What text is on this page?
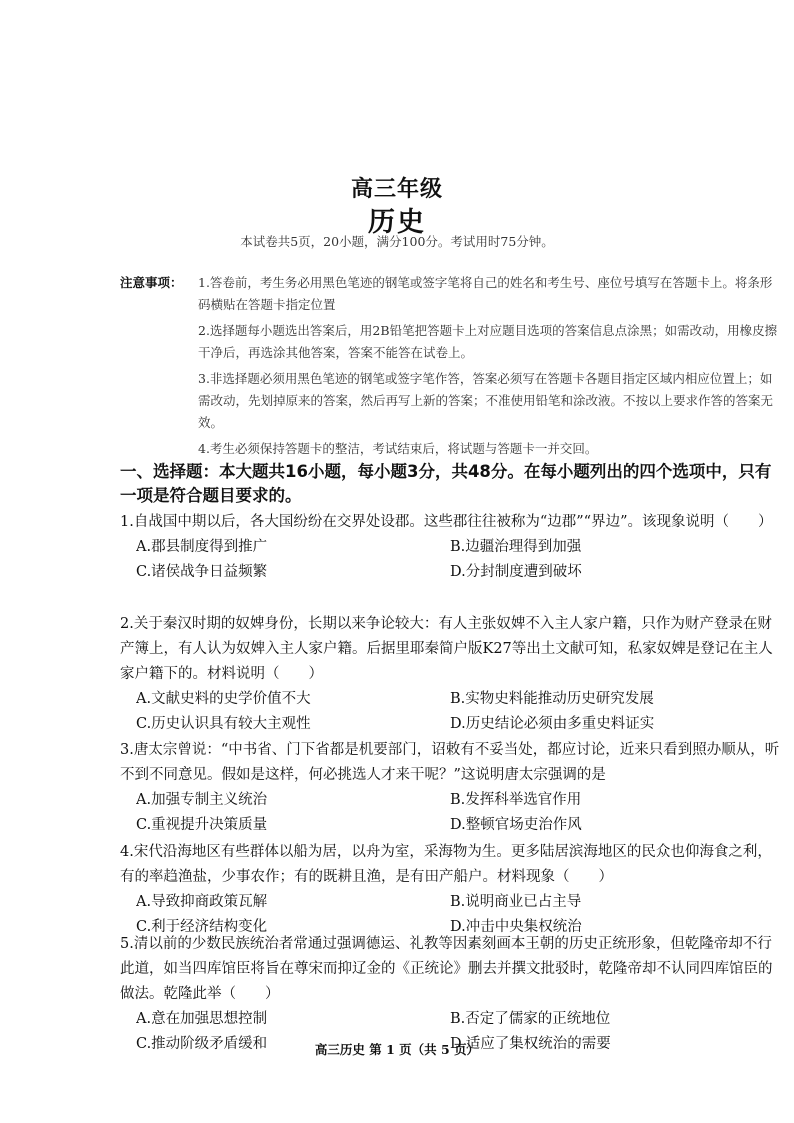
高三年级
历史
本试卷共5页，20小题，满分100分。考试用时75分钟。
注意事项： 1.答卷前，考生务必用黑色笔迹的钢笔或签字笔将自己的姓名和考生号、座位号填写在答题卡上。将条形码横贴在答题卡指定位置
2.选择题每小题选出答案后，用2B铅笔把答题卡上对应题目选项的答案信息点涂黑；如需改动，用橡皮擦干净后，再选涂其他答案，答案不能答在试卷上。
3.非选择题必须用黑色笔迹的钢笔或签字笔作答，答案必须写在答题卡各题目指定区域内相应位置上；如需改动，先划掉原来的答案，然后再写上新的答案；不准使用铅笔和涂改液。不按以上要求作答的答案无效。
4.考生必须保持答题卡的整洁，考试结束后，将试题与答题卡一并交回。
一、选择题：本大题共16小题，每小题3分，共48分。在每小题列出的四个选项中，只有一项是符合题目要求的。
1.自战国中期以后，各大国纷纷在交界处设郡。这些郡往往被称为“边郡”“界边”。该现象说明（　　）
A.郡县制度得到推广	B.边疆治理得到加强
C.诸侯战争日益频繁	D.分封制度遭到破坏
2.关于秦汉时期的奴婢身份，长期以来争论较大：有人主张奴婢不入主人家户籍，只作为财产登录在财产簿上，有人认为奴婢入主人家户籍。后据里耶秦简户版K27等出土文献可知，私家奴婢是登记在主人家户籍下的。材料说明（　　）
A.文献史料的史学价值不大	B.实物史料能推动历史研究发展
C.历史认识具有较大主观性	D.历史结论必须由多重史料证实
3.唐太宗曾说：“中书省、门下省都是机要部门，诏敕有不妥当处，都应讨论，近来只看到照办顺从，听不到不同意见。假如是这样，何必挑选人才来干呢？”这说明唐太宗强调的是
A.加强专制主义统治	B.发挥科举选官作用
C.重视提升决策质量	D.整顿官场吏治作风
4.宋代沿海地区有些群体以船为居，以舟为室，采海物为生。更多陆居滨海地区的民众也仰海食之利，有的率趋渔盐，少事农作；有的既耕且渔，是有田产船户。材料现象（　　）
A.导致抑商政策瓦解	B.说明商业已占主导
C.利于经济结构变化	D.冲击中央集权统治
5.清以前的少数民族统治者常通过强调德运、礼教等因素刻画本王朝的历史正统形象，但乾隆帝却不行此道，如当四库馆臣将旨在尊宋而抑辽金的《正统论》删去并撰文批驳时，乾隆帝却不认同四库馆臣的做法。乾隆此举（　　）
A.意在加强思想控制	B.否定了儒家的正统地位
C.推动阶级矛盾缓和	D.适应了集权统治的需要
高三历史 第 1 页（共 5 页）
